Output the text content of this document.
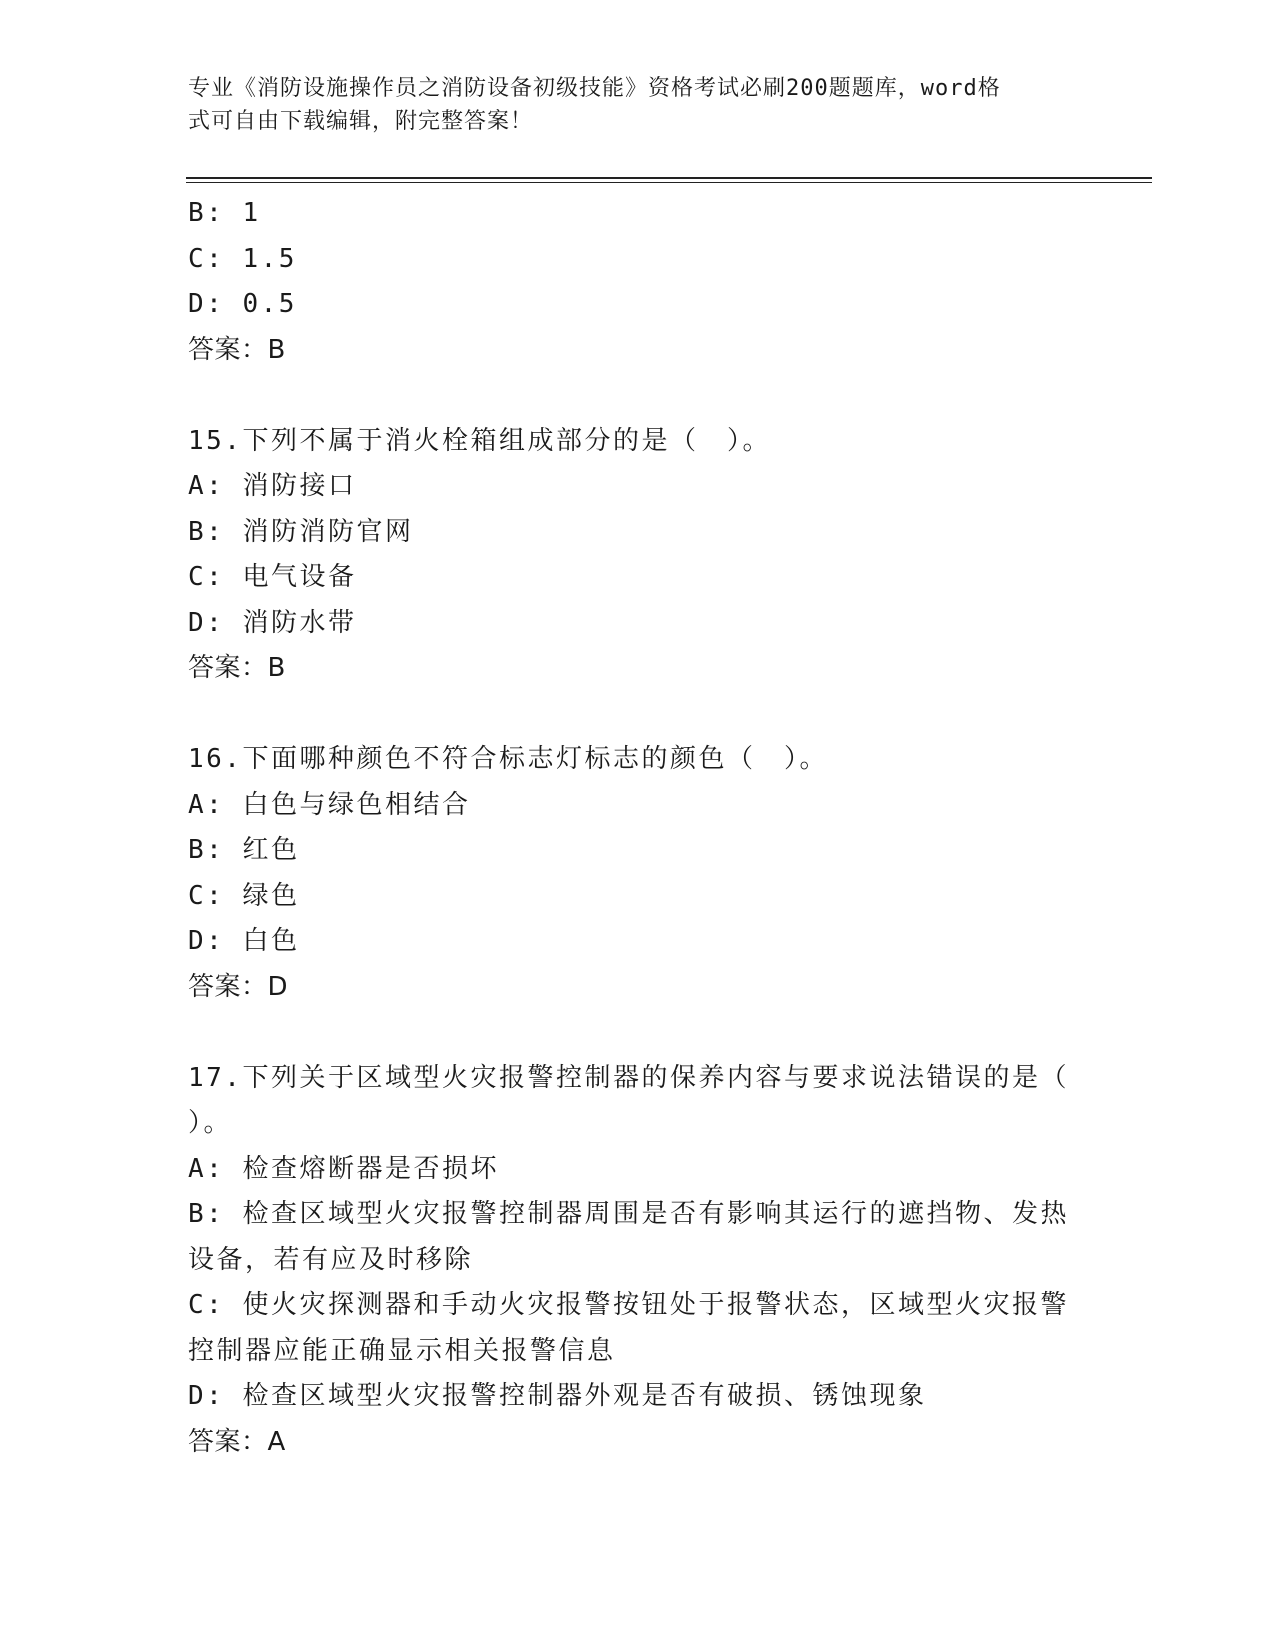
专业《消防设施操作员之消防设备初级技能》资格考试必刷200题题库，word格
式可自由下载编辑，附完整答案！
B: 1
C: 1.5
D: 0.5
答案：B
15.下列不属于消火栓箱组成部分的是（　）。
A: 消防接口
B: 消防消防官网
C: 电气设备
D: 消防水带
答案：B
16.下面哪种颜色不符合标志灯标志的颜色（　）。
A: 白色与绿色相结合
B: 红色
C: 绿色
D: 白色
答案：D
17.下列关于区域型火灾报警控制器的保养内容与要求说法错误的是（
）。
A: 检查熔断器是否损坏
B: 检查区域型火灾报警控制器周围是否有影响其运行的遮挡物、发热
设备，若有应及时移除
C: 使火灾探测器和手动火灾报警按钮处于报警状态，区域型火灾报警
控制器应能正确显示相关报警信息
D: 检查区域型火灾报警控制器外观是否有破损、锈蚀现象
答案：A
